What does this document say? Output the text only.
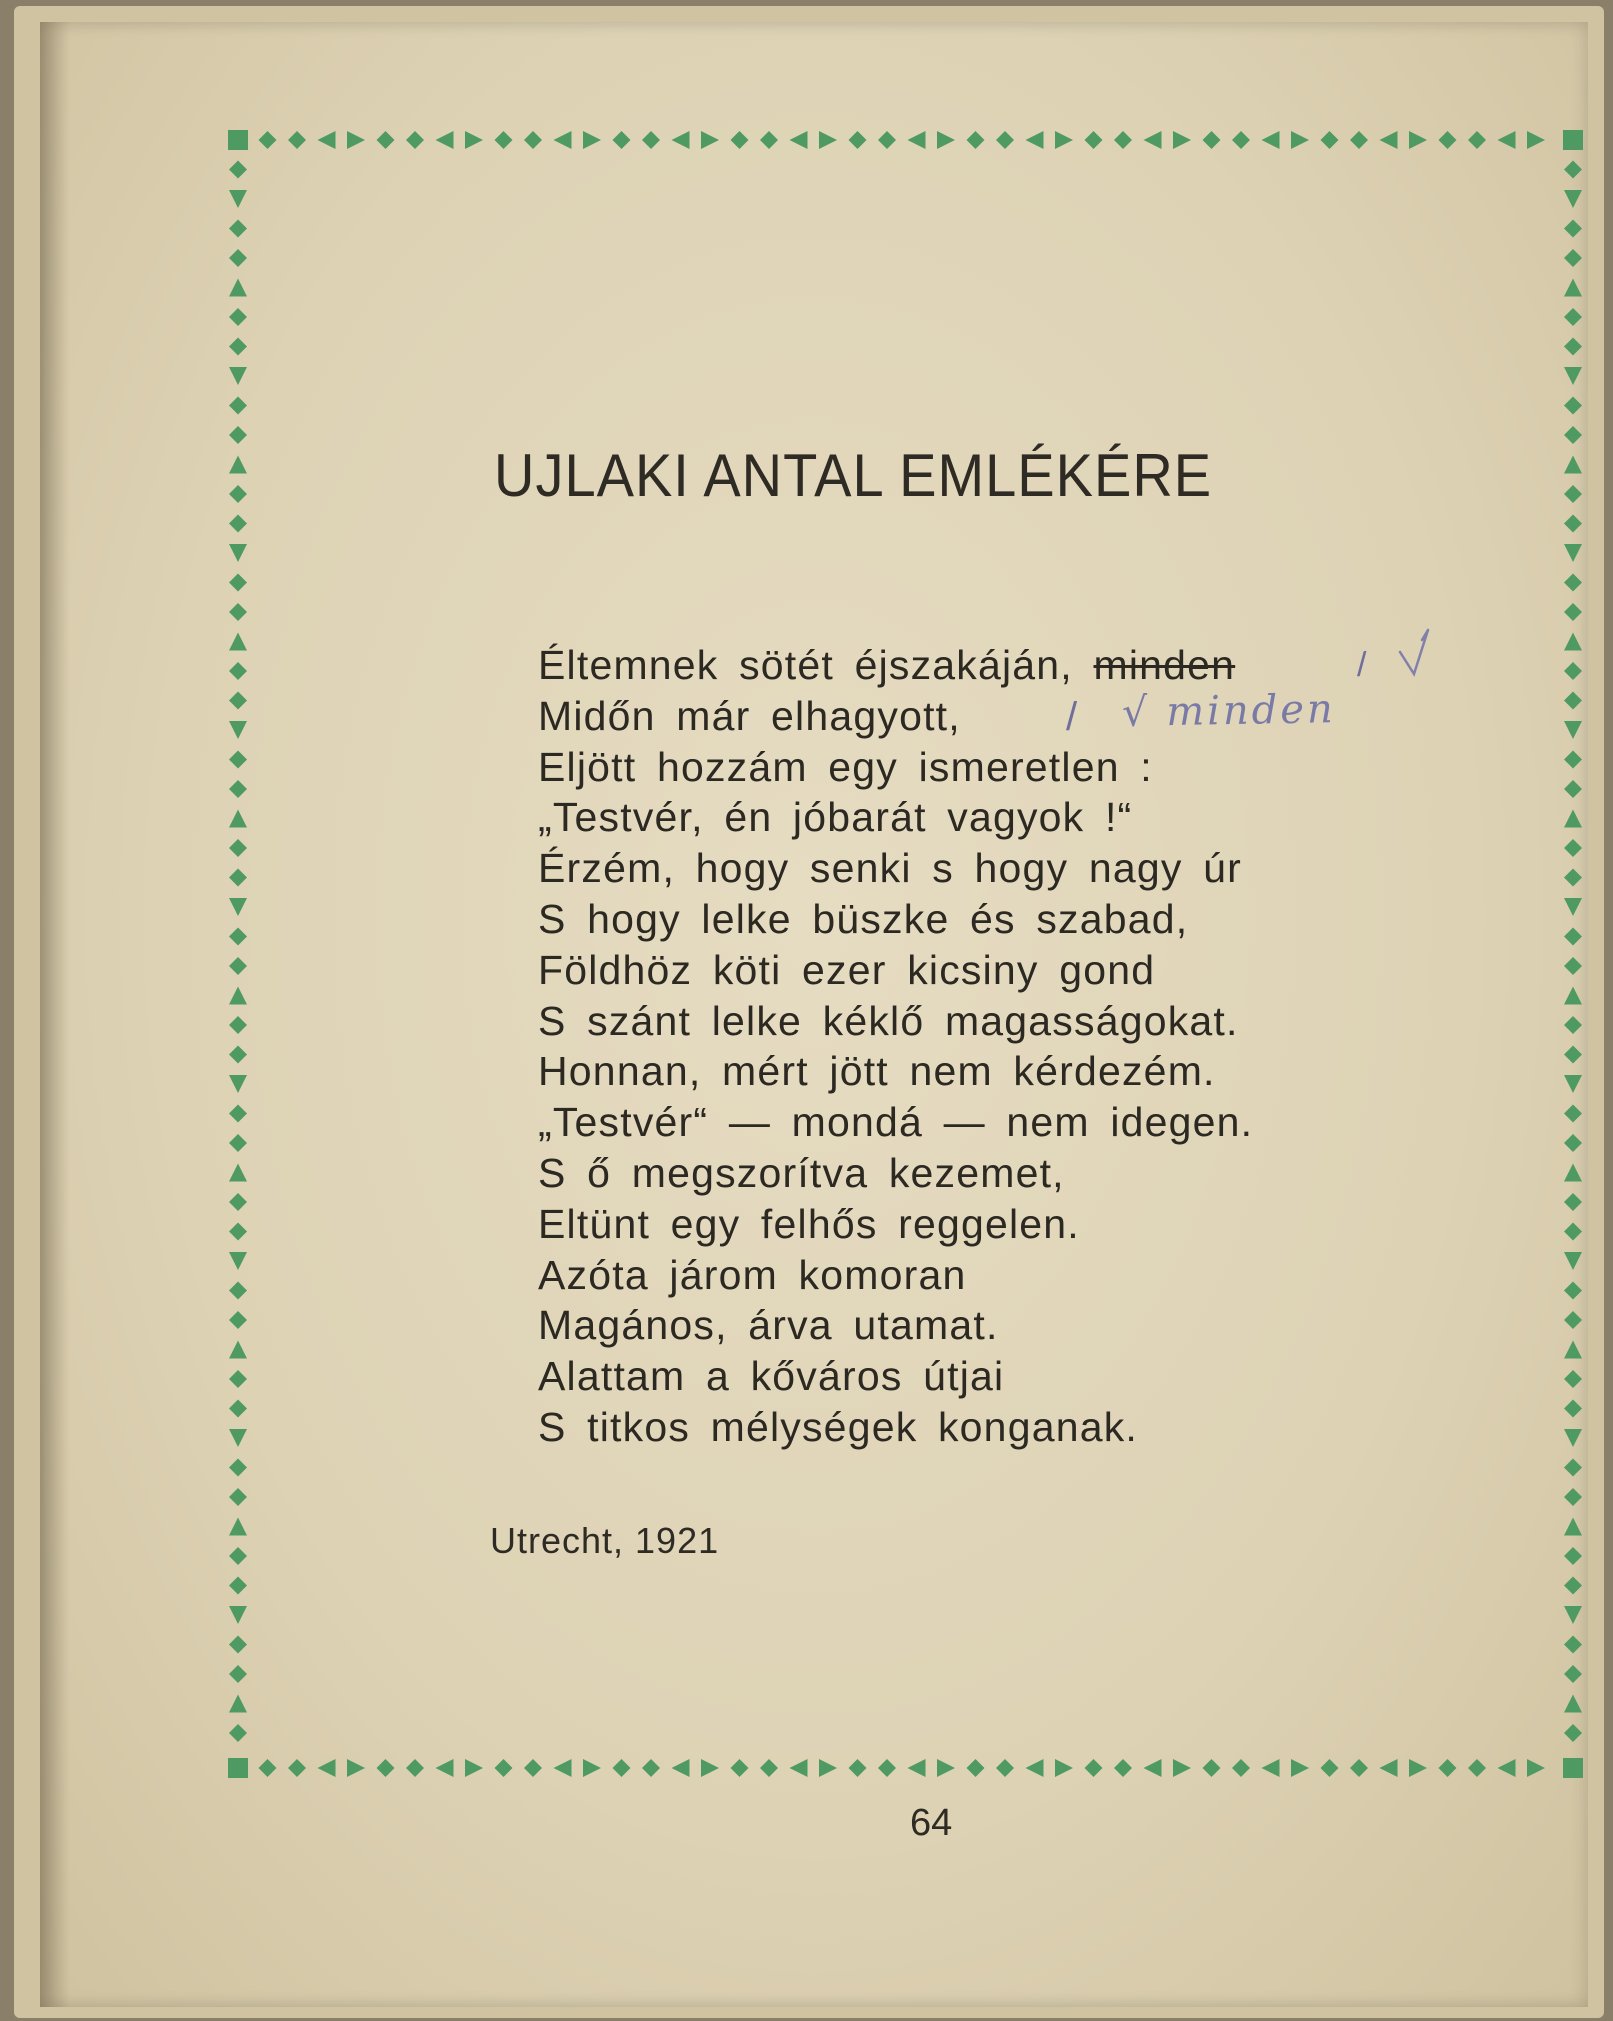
UJLAKI ANTAL EMLÉKÉRE
Éltemnek sötét éjszakáján, minden
Midőn már elhagyott,
Eljött hozzám egy ismeretlen :
„Testvér, én jóbarát vagyok !“
Érzém, hogy senki s hogy nagy úr
S hogy lelke büszke és szabad,
Földhöz köti ezer kicsiny gond
S szánt lelke kéklő magasságokat.
Honnan, mért jött nem kérdezém.
„Testvér“ — mondá — nem idegen.
S ő megszorítva kezemet,
Eltünt egy felhős reggelen.
Azóta járom komoran
Magános, árva utamat.
Alattam a kőváros útjai
S titkos mélységek konganak.
/
/ √ minden
Utrecht, 1921
64
